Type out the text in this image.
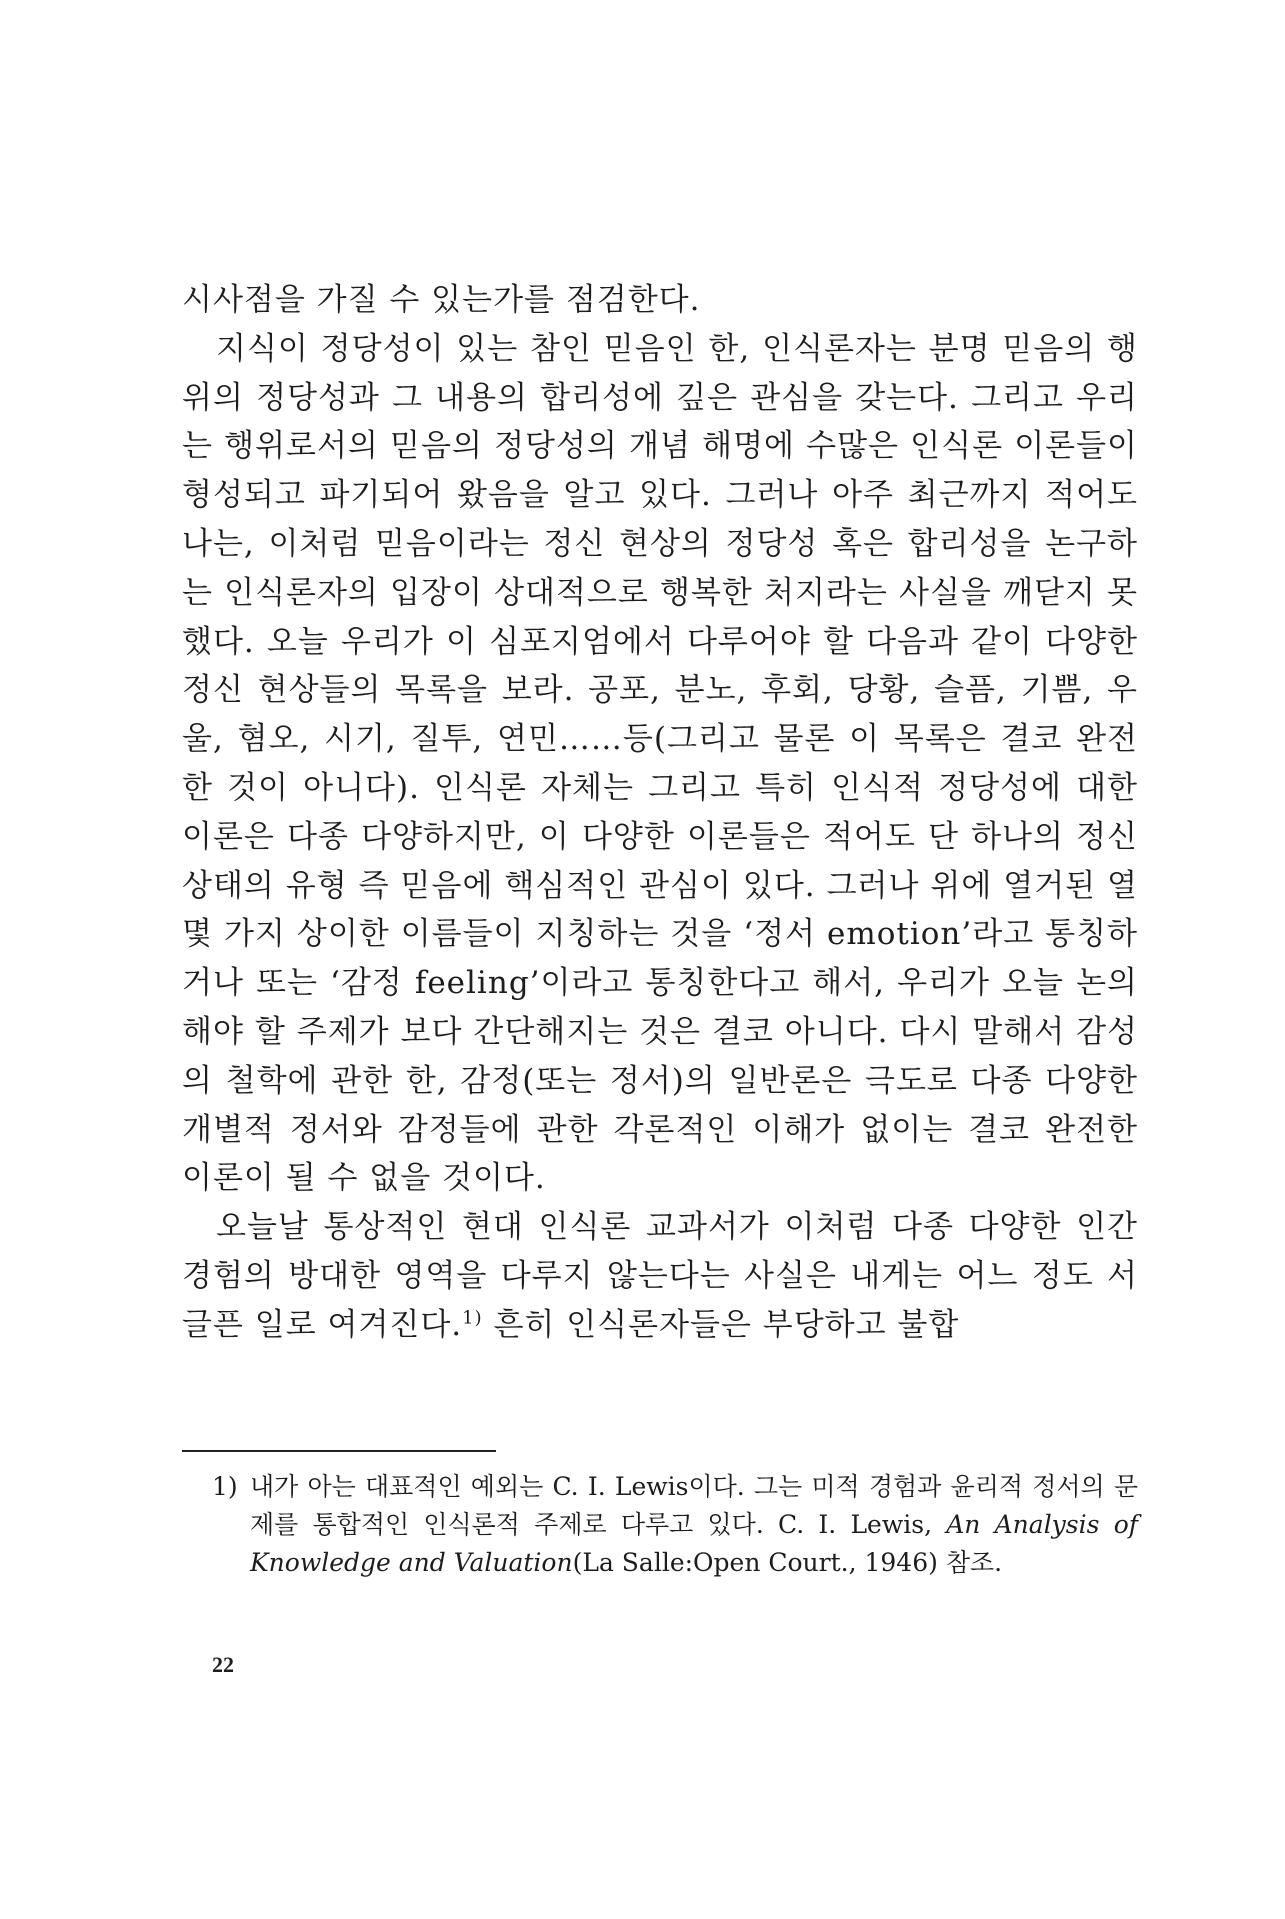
시사점을 가질 수 있는가를 점검한다.

지식이 정당성이 있는 참인 믿음인 한, 인식론자는 분명 믿음의 행위의 정당성과 그 내용의 합리성에 깊은 관심을 갖는다. 그리고 우리는 행위로서의 믿음의 정당성의 개념 해명에 수많은 인식론 이론들이 형성되고 파기되어 왔음을 알고 있다. 그러나 아주 최근까지 적어도 나는, 이처럼 믿음이라는 정신 현상의 정당성 혹은 합리성을 논구하는 인식론자의 입장이 상대적으로 행복한 처지라는 사실을 깨닫지 못했다. 오늘 우리가 이 심포지엄에서 다루어야 할 다음과 같이 다양한 정신 현상들의 목록을 보라. 공포, 분노, 후회, 당황, 슬픔, 기쁨, 우울, 혐오, 시기, 질투, 연민……등(그리고 물론 이 목록은 결코 완전한 것이 아니다). 인식론 자체는 그리고 특히 인식적 정당성에 대한 이론은 다종 다양하지만, 이 다양한 이론들은 적어도 단 하나의 정신 상태의 유형 즉 믿음에 핵심적인 관심이 있다. 그러나 위에 열거된 열 몇 가지 상이한 이름들이 지칭하는 것을 ‘정서 emotion’라고 통칭하거나 또는 ‘감정 feeling’이라고 통칭한다고 해서, 우리가 오늘 논의해야 할 주제가 보다 간단해지는 것은 결코 아니다. 다시 말해서 감성의 철학에 관한 한, 감정(또는 정서)의 일반론은 극도로 다종 다양한 개별적 정서와 감정들에 관한 각론적인 이해가 없이는 결코 완전한 이론이 될 수 없을 것이다.

오늘날 통상적인 현대 인식론 교과서가 이처럼 다종 다양한 인간 경험의 방대한 영역을 다루지 않는다는 사실은 내게는 어느 정도 서글픈 일로 여겨진다.$^{1)}$ 흔히 인식론자들은 부당하고 불합

1) 내가 아는 대표적인 예외는 C. I. Lewis이다. 그는 미적 경험과 윤리적 정서의 문제를 통합적인 인식론적 주제로 다루고 있다. C. I. Lewis, An Analysis of Knowledge and Valuation(La Salle:Open Court., 1946) 참조.
22
